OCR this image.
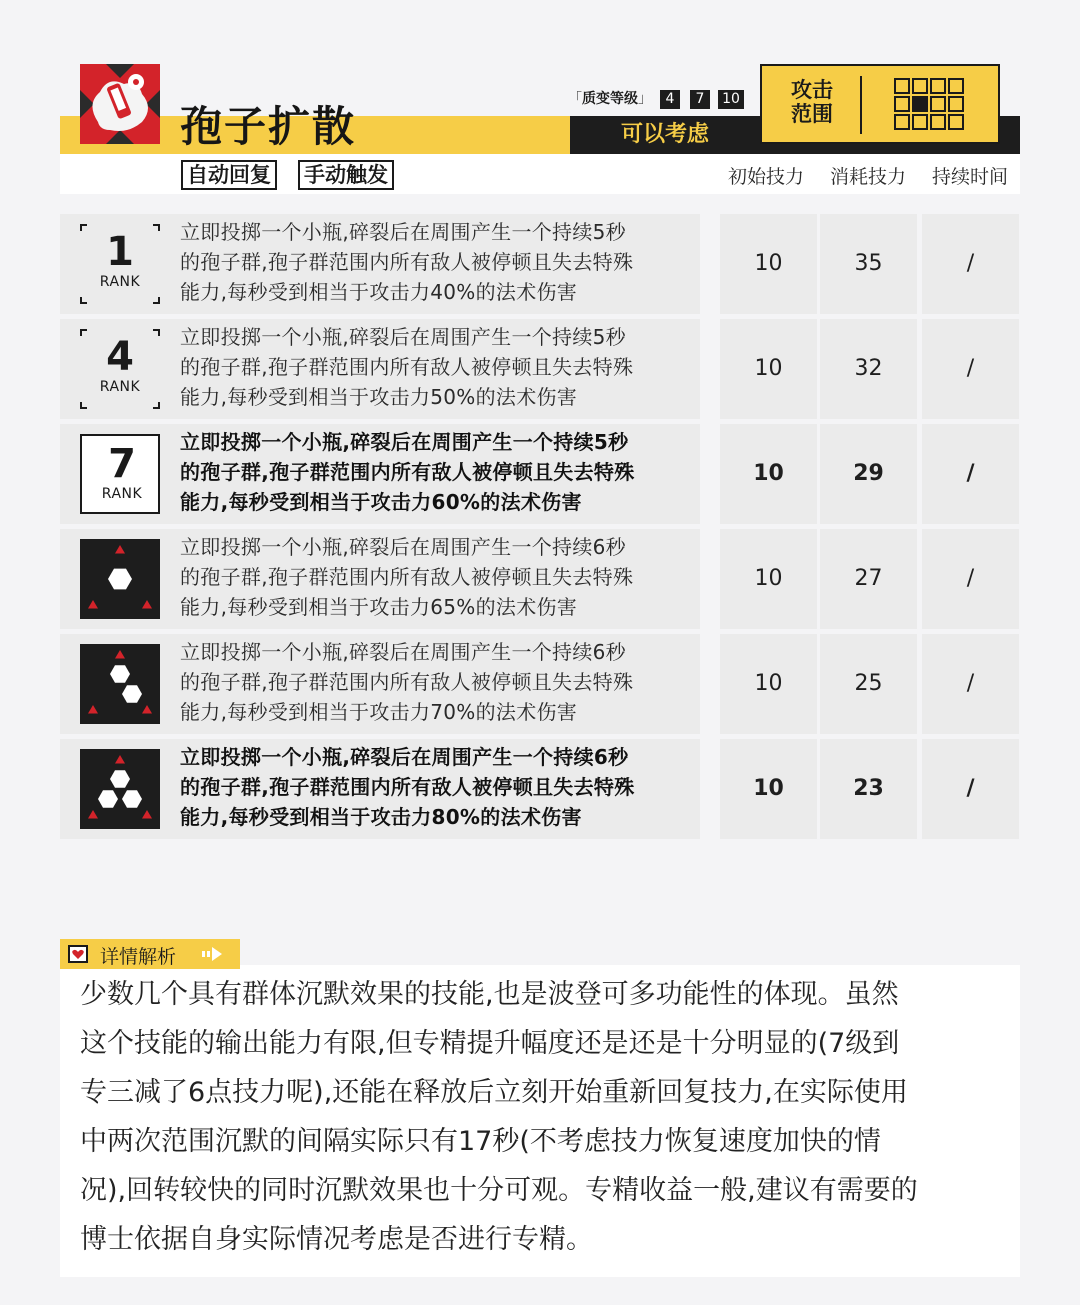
孢子扩散
自动回复 手动触发	初始技力 消耗技力 持续时间
「质变等级」 4	7	10
可以考虑
攻击
范围
1
RANK
立即投掷一个小瓶,碎裂后在周围产生一个持续5秒
的孢子群,孢子群范围内所有敌人被停顿且失去特殊
能力,每秒受到相当于攻击力40%的法术伤害
10	35	/
4
RANK
立即投掷一个小瓶,碎裂后在周围产生一个持续5秒
的孢子群,孢子群范围内所有敌人被停顿且失去特殊
能力,每秒受到相当于攻击力50%的法术伤害
10	32	/
7
RANK
立即投掷一个小瓶,碎裂后在周围产生一个持续5秒
的孢子群,孢子群范围内所有敌人被停顿且失去特殊
能力,每秒受到相当于攻击力60%的法术伤害
10	29	/
立即投掷一个小瓶,碎裂后在周围产生一个持续6秒
的孢子群,孢子群范围内所有敌人被停顿且失去特殊
能力,每秒受到相当于攻击力65%的法术伤害
10	27	/
立即投掷一个小瓶,碎裂后在周围产生一个持续6秒
的孢子群,孢子群范围内所有敌人被停顿且失去特殊
能力,每秒受到相当于攻击力70%的法术伤害
10	25	/
立即投掷一个小瓶,碎裂后在周围产生一个持续6秒
的孢子群,孢子群范围内所有敌人被停顿且失去特殊
能力,每秒受到相当于攻击力80%的法术伤害
10	23	/
详情解析
少数几个具有群体沉默效果的技能,也是波登可多功能性的体现。虽然
这个技能的输出能力有限,但专精提升幅度还是还是十分明显的(7级到
专三减了6点技力呢),还能在释放后立刻开始重新回复技力,在实际使用
中两次范围沉默的间隔实际只有17秒(不考虑技力恢复速度加快的情
况),回转较快的同时沉默效果也十分可观。专精收益一般,建议有需要的
博士依据自身实际情况考虑是否进行专精。
